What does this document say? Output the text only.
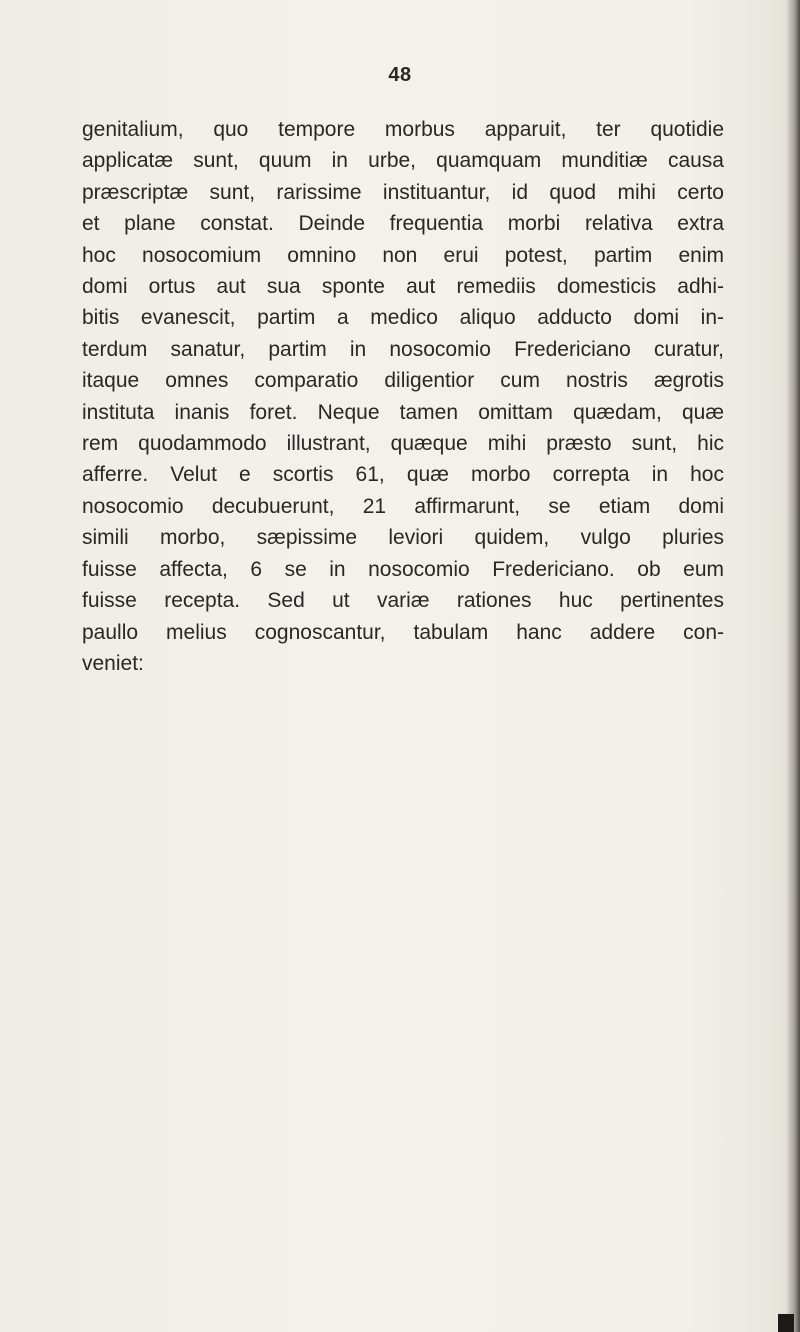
48
genitalium, quo tempore morbus apparuit, ter quotidie
applicatæ sunt, quum in urbe, quamquam munditiæ causa
præscriptæ sunt, rarissime instituantur, id quod mihi certo
et plane constat. Deinde frequentia morbi relativa extra
hoc nosocomium omnino non erui potest, partim enim
domi ortus aut sua sponte aut remediis domesticis adhi-
bitis evanescit, partim a medico aliquo adducto domi in-
terdum sanatur, partim in nosocomio Fredericiano curatur,
itaque omnes comparatio diligentior cum nostris ægrotis
instituta inanis foret. Neque tamen omittam quædam, quæ
rem quodammodo illustrant, quæque mihi præsto sunt, hic
afferre. Velut e scortis 61, quæ morbo correpta in hoc
nosocomio decubuerunt, 21 affirmarunt, se etiam domi
simili morbo, sæpissime leviori quidem, vulgo pluries
fuisse affecta, 6 se in nosocomio Fredericiano. ob eum
fuisse recepta. Sed ut variæ rationes huc pertinentes
paullo melius cognoscantur, tabulam hanc addere con-
veniet:
